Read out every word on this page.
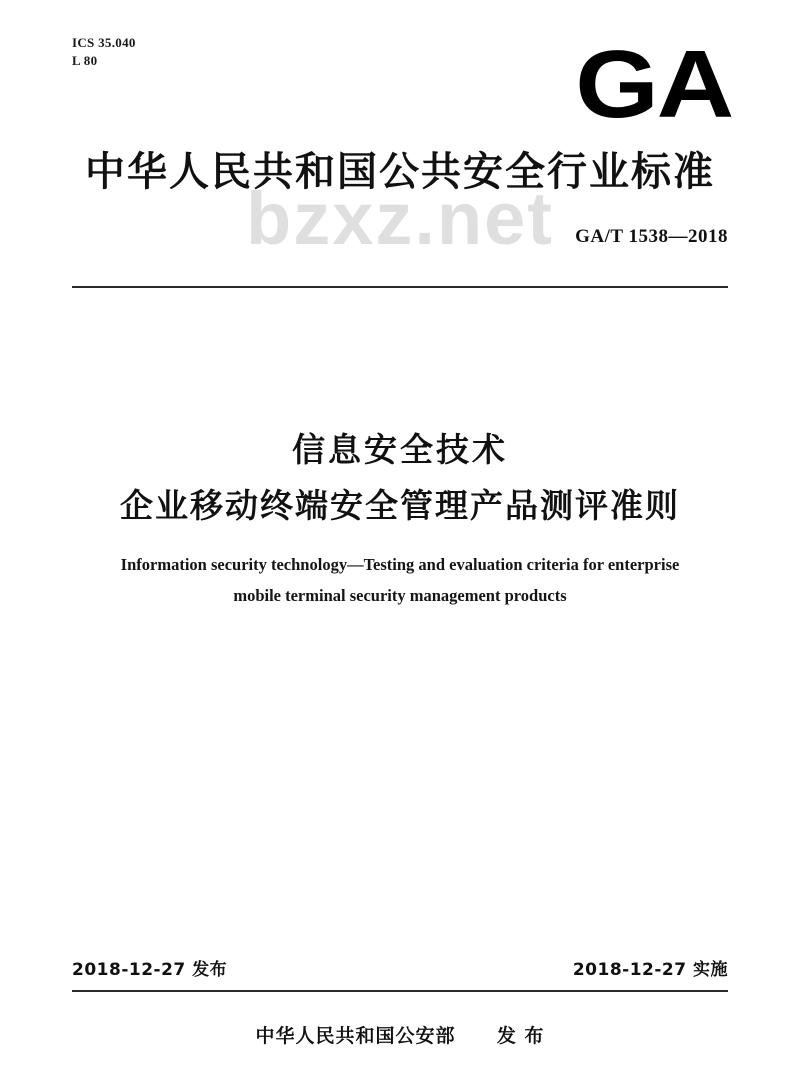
ICS 35.040
L 80	GA
bzxz.net
中华人民共和国公共安全行业标准
GA/T 1538—2018
信息安全技术
企业移动终端安全管理产品测评准则
Information security technology—Testing and evaluation criteria for enterprise
mobile terminal security management products
2018-12-27 发布	2018-12-27 实施
中华人民共和国公安部 发 布
